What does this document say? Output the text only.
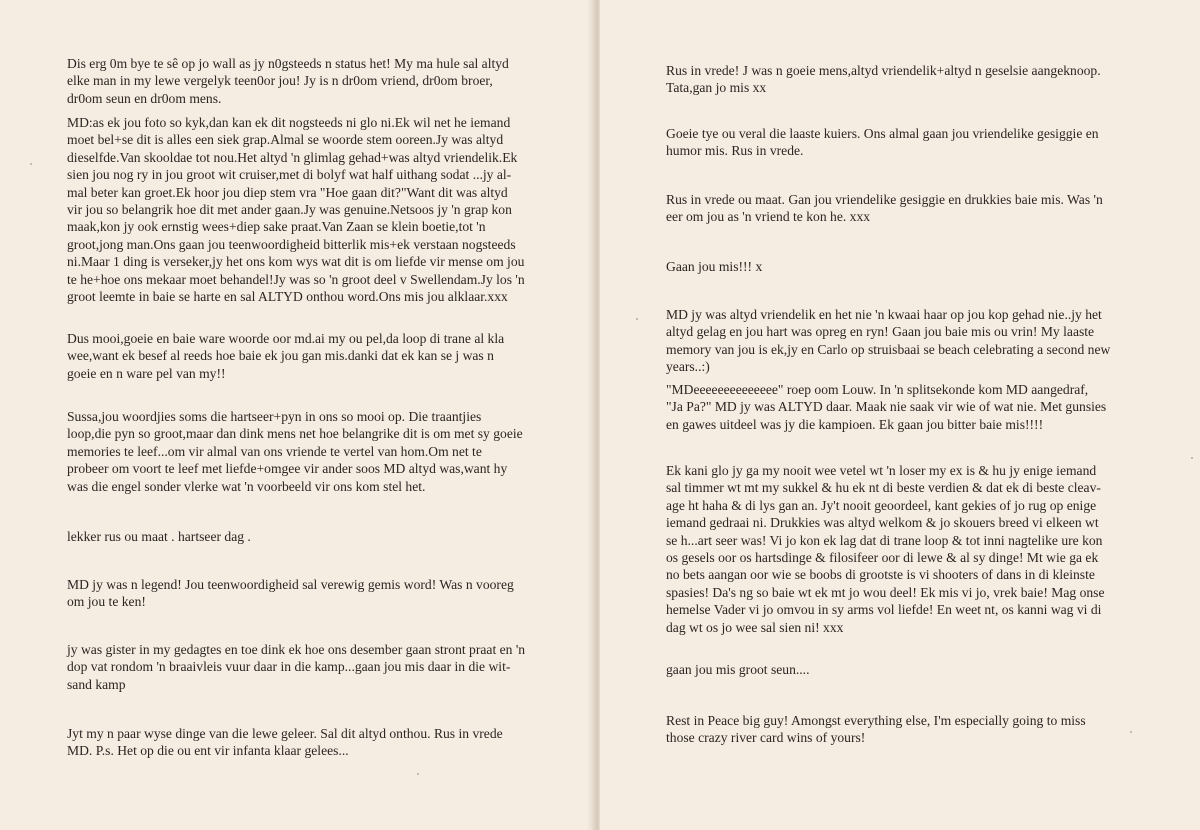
Dis erg 0m bye te sê op jo wall as jy n0gsteeds n status het! My ma hule sal altyd
elke man in my lewe vergelyk teen0or jou! Jy is n dr0om vriend, dr0om broer,
dr0om seun en dr0om mens.

MD:as ek jou foto so kyk,dan kan ek dit nogsteeds ni glo ni.Ek wil net he iemand
moet bel+se dit is alles een siek grap.Almal se woorde stem ooreen.Jy was altyd
dieselfde.Van skooldae tot nou.Het altyd 'n glimlag gehad+was altyd vriendelik.Ek
sien jou nog ry in jou groot wit cruiser,met di bolyf wat half uithang sodat ...jy al-
mal beter kan groet.Ek hoor jou diep stem vra "Hoe gaan dit?"Want dit was altyd
vir jou so belangrik hoe dit met ander gaan.Jy was genuine.Netsoos jy 'n grap kon
maak,kon jy ook ernstig wees+diep sake praat.Van Zaan se klein boetie,tot 'n
groot,jong man.Ons gaan jou teenwoordigheid bitterlik mis+ek verstaan nogsteeds
ni.Maar 1 ding is verseker,jy het ons kom wys wat dit is om liefde vir mense om jou
te he+hoe ons mekaar moet behandel!Jy was so 'n groot deel v Swellendam.Jy los 'n
groot leemte in baie se harte en sal ALTYD onthou word.Ons mis jou alklaar.xxx

Dus mooi,goeie en baie ware woorde oor md.ai my ou pel,da loop di trane al kla
wee,want ek besef al reeds hoe baie ek jou gan mis.danki dat ek kan se j was n
goeie en n ware pel van my!!

Sussa,jou woordjies soms die hartseer+pyn in ons so mooi op. Die traantjies
loop,die pyn so groot,maar dan dink mens net hoe belangrike dit is om met sy goeie
memories te leef...om vir almal van ons vriende te vertel van hom.Om net te
probeer om voort te leef met liefde+omgee vir ander soos MD altyd was,want hy
was die engel sonder vlerke wat 'n voorbeeld vir ons kom stel het.

lekker rus ou maat . hartseer dag .

MD jy was n legend! Jou teenwoordigheid sal verewig gemis word! Was n vooreg
om jou te ken!

jy was gister in my gedagtes en toe dink ek hoe ons desember gaan stront praat en 'n
dop vat rondom 'n braaivleis vuur daar in die kamp...gaan jou mis daar in die wit-
sand kamp

Jyt my n paar wyse dinge van die lewe geleer. Sal dit altyd onthou. Rus in vrede
MD. P.s. Het op die ou ent vir infanta klaar gelees...

Rus in vrede! J was n goeie mens,altyd vriendelik+altyd n geselsie aangeknoop.
Tata,gan jo mis xx

Goeie tye ou veral die laaste kuiers. Ons almal gaan jou vriendelike gesiggie en
humor mis. Rus in vrede.

Rus in vrede ou maat. Gan jou vriendelike gesiggie en drukkies baie mis. Was 'n
eer om jou as 'n vriend te kon he. xxx

Gaan jou mis!!! x

MD jy was altyd vriendelik en het nie 'n kwaai haar op jou kop gehad nie..jy het
altyd gelag en jou hart was opreg en ryn! Gaan jou baie mis ou vrin! My laaste
memory van jou is ek,jy en Carlo op struisbaai se beach celebrating a second new
years..:)

"MDeeeeeeeeeeeeee" roep oom Louw. In 'n splitsekonde kom MD aangedraf,
"Ja Pa?" MD jy was ALTYD daar. Maak nie saak vir wie of wat nie. Met gunsies
en gawes uitdeel was jy die kampioen. Ek gaan jou bitter baie mis!!!!

Ek kani glo jy ga my nooit wee vetel wt 'n loser my ex is & hu jy enige iemand
sal timmer wt mt my sukkel & hu ek nt di beste verdien & dat ek di beste cleav-
age ht haha & di lys gan an. Jy't nooit geoordeel, kant gekies of jo rug op enige
iemand gedraai ni. Drukkies was altyd welkom & jo skouers breed vi elkeen wt
se h...art seer was! Vi jo kon ek lag dat di trane loop & tot inni nagtelike ure kon
os gesels oor os hartsdinge & filosifeer oor di lewe & al sy dinge! Mt wie ga ek
no bets aangan oor wie se boobs di grootste is vi shooters of dans in di kleinste
spasies! Da's ng so baie wt ek mt jo wou deel! Ek mis vi jo, vrek baie! Mag onse
hemelse Vader vi jo omvou in sy arms vol liefde! En weet nt, os kanni wag vi di
dag wt os jo wee sal sien ni! xxx

gaan jou mis groot seun....

Rest in Peace big guy! Amongst everything else, I'm especially going to miss
those crazy river card wins of yours!
